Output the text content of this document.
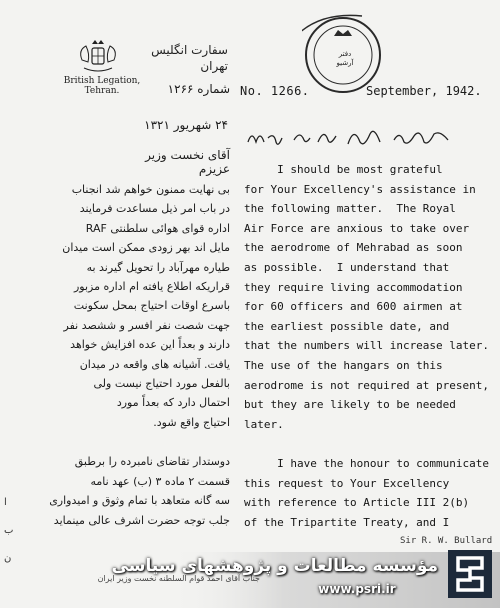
British Legation,
Tehran.
سفارت انگلیس
تهران
شماره ۱۲۶۶
دفتر
آرشیو
No. 1266.	September, 1942.
۲۴ شهریور ۱۳۲۱
آقای نخست وزیر عزیزم I should be most grateful
for Your Excellency's assistance in
the following matter.  The Royal
Air Force are anxious to take over
the aerodrome of Mehrabad as soon
as possible.  I understand that
they require living accommodation
for 60 officers and 600 airmen at
the earliest possible date, and
that the numbers will increase later.
The use of the hangars on this
aerodrome is not required at present,
but they are likely to be needed
later.

I have the honour to communicate
this request to Your Excellency
with reference to Article III 2(b)
of the Tripartite Treaty, and I
بی نهایت ممنون خواهم شد انجناب
در باب امر ذیل مساعدت فرمایند
اداره قوای هوائی سلطنتی RAF
مایل اند بهر زودی ممکن است میدان
طیاره مهرآباد را تحویل گیرند به
قراریکه اطلاع یافته ام اداره مزبور
باسرع اوقات احتیاج بمحل سکونت
جهت شصت نفر افسر و ششصد نفر
دارند و بعداً این عده افزایش خواهد
یافت. آشیانه های واقعه در میدان
بالفعل مورد احتیاج نیست ولی
احتمال دارد که بعداً مورد
احتیاج واقع شود.
دوستدار تقاضای نامبرده را برطبق
قسمت ۲ ماده ۳ (ب) عهد نامه
سه گانه متعاهد با تمام وثوق و امیدواری
جلب توجه حضرت اشرف عالی مینماید
ا
ب
ن
Sir R. W. Bullard
جناب آقای احمد قوام السلطنه نخست وزیر ایران
مؤسسه مطالعات و پژوهشهای سیاسی
www.psri.ir
